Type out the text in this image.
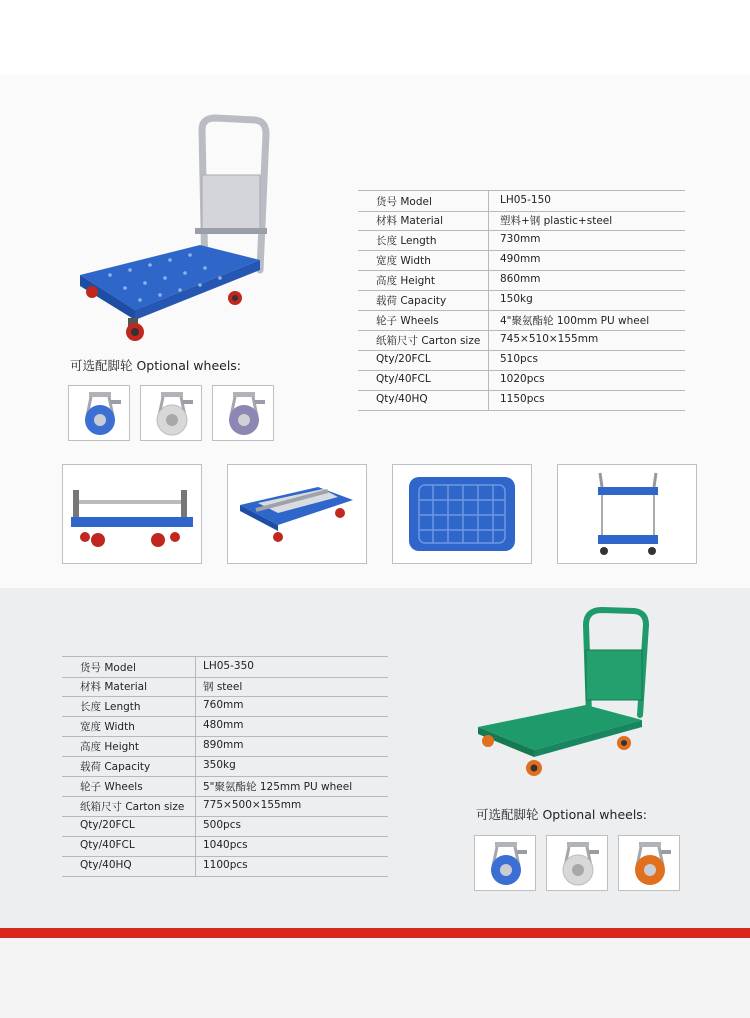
货号 Model	LH05-150
材料 Material	塑料+钢 plastic+steel
长度 Length	730mm
宽度 Width	490mm
高度 Height	860mm
载荷 Capacity	150kg
轮子 Wheels	4"聚氨酯轮 100mm PU wheel
纸箱尺寸 Carton size 745×510×155mm
Qty/20FCL	510pcs
Qty/40FCL	1020pcs
Qty/40HQ	1150pcs
可选配脚轮 Optional wheels:
货号 Model	LH05-350
材料 Material	钢 steel
长度 Length	760mm
宽度 Width	480mm
高度 Height	890mm
载荷 Capacity	350kg
轮子 Wheels	5"聚氨酯轮 125mm PU wheel
纸箱尺寸 Carton size 775×500×155mm
Qty/20FCL	500pcs
Qty/40FCL	1040pcs
Qty/40HQ	1100pcs
可选配脚轮 Optional wheels:
